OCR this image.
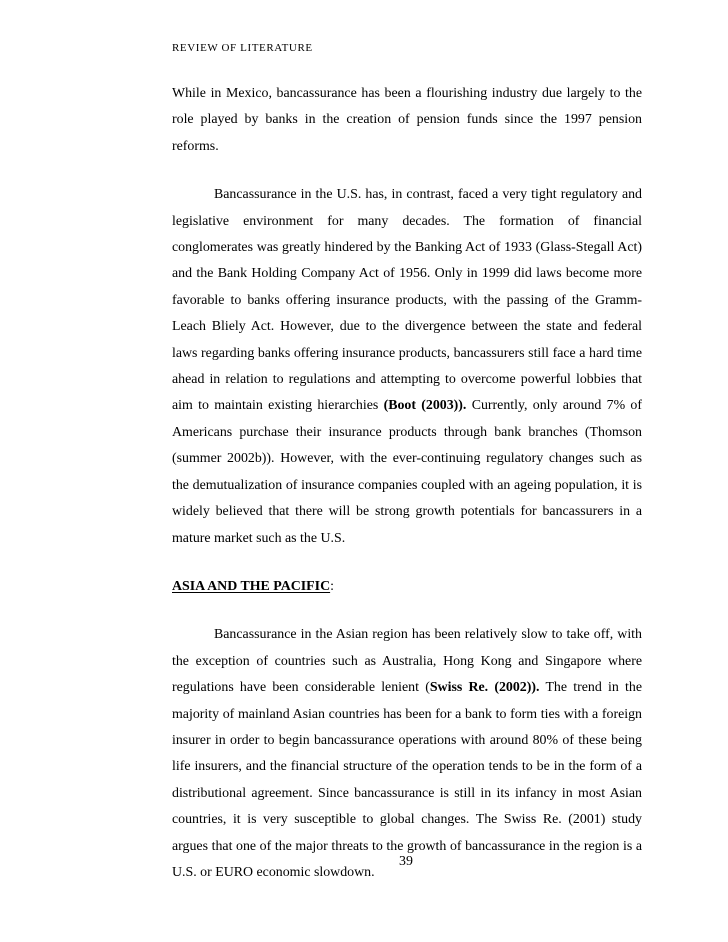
REVIEW OF LITERATURE

While in Mexico, bancassurance has been a flourishing industry due largely to the role played by banks in the creation of pension funds since the 1997 pension reforms.

Bancassurance in the U.S. has, in contrast, faced a very tight regulatory and legislative environment for many decades. The formation of financial conglomerates was greatly hindered by the Banking Act of 1933 (Glass-Stegall Act) and the Bank Holding Company Act of 1956. Only in 1999 did laws become more favorable to banks offering insurance products, with the passing of the Gramm-Leach Bliely Act. However, due to the divergence between the state and federal laws regarding banks offering insurance products, bancassurers still face a hard time ahead in relation to regulations and attempting to overcome powerful lobbies that aim to maintain existing hierarchies (Boot (2003)). Currently, only around 7% of Americans purchase their insurance products through bank branches (Thomson (summer 2002b)). However, with the ever-continuing regulatory changes such as the demutualization of insurance companies coupled with an ageing population, it is widely believed that there will be strong growth potentials for bancassurers in a mature market such as the U.S.

ASIA AND THE PACIFIC:

Bancassurance in the Asian region has been relatively slow to take off, with the exception of countries such as Australia, Hong Kong and Singapore where regulations have been considerable lenient (Swiss Re. (2002)). The trend in the majority of mainland Asian countries has been for a bank to form ties with a foreign insurer in order to begin bancassurance operations with around 80% of these being life insurers, and the financial structure of the operation tends to be in the form of a distributional agreement. Since bancassurance is still in its infancy in most Asian countries, it is very susceptible to global changes. The Swiss Re. (2001) study argues that one of the major threats to the growth of bancassurance in the region is a U.S. or EURO economic slowdown.

39
